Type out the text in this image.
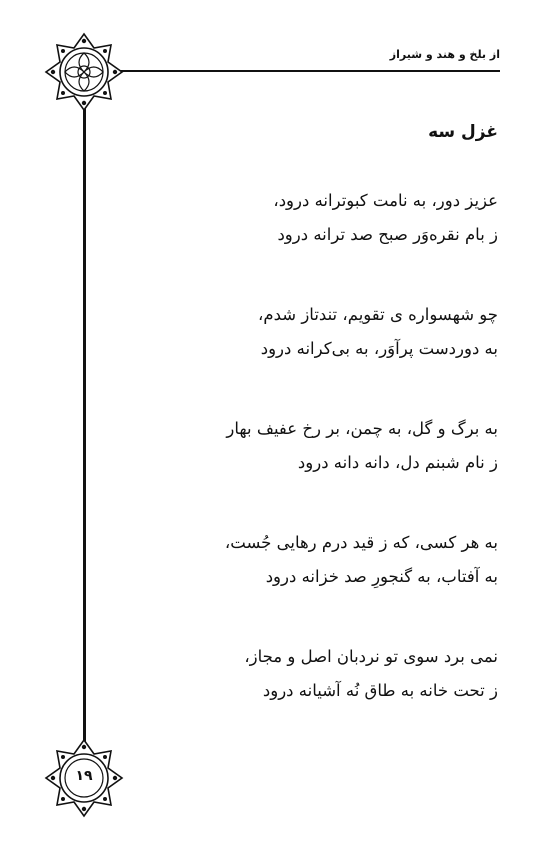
از بلخ و هند و شیراز
غزل سه
عزیز دور، به نامت کبوترانه درود،
ز بام نقره‌وَر صبح صد ترانه درود
چو شهسواره ی تقویم، تندتاز شدم،
به دوردست پرآوَر، به بی‌کرانه درود
به برگ و گل، به چمن، بر رخ عفیف بهار
ز نام شبنم دل، دانه دانه درود
به هر کسی، که ز قید درم رهایی جُست،
به آفتاب، به گنجورِ صد خزانه درود
نمی برد سوی تو نردبان اصل و مجاز،
ز تحت خانه به طاق نُه آشیانه درود
۱۹
